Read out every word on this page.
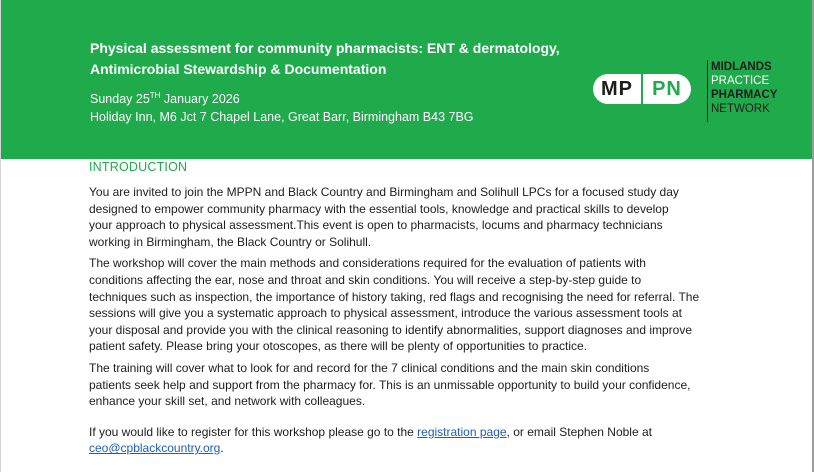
Physical assessment for community pharmacists: ENT & dermatology,
Antimicrobial Stewardship & Documentation
Sunday 25TH January 2026
Holiday Inn, M6 Jct 7 Chapel Lane, Great Barr, Birmingham B43 7BG
MP PN
MIDLANDS
PRACTICE
PHARMACY
NETWORK
INTRODUCTION
You are invited to join the MPPN and Black Country and Birmingham and Solihull LPCs for a focused study day
designed to empower community pharmacy with the essential tools, knowledge and practical skills to develop
your approach to physical assessment.This event is open to pharmacists, locums and pharmacy technicians
working in Birmingham, the Black Country or Solihull.
The workshop will cover the main methods and considerations required for the evaluation of patients with
conditions affecting the ear, nose and throat and skin conditions. You will receive a step-by-step guide to
techniques such as inspection, the importance of history taking, red flags and recognising the need for referral. The
sessions will give you a systematic approach to physical assessment, introduce the various assessment tools at
your disposal and provide you with the clinical reasoning to identify abnormalities, support diagnoses and improve
patient safety. Please bring your otoscopes, as there will be plenty of opportunities to practice.
The training will cover what to look for and record for the 7 clinical conditions and the main skin conditions
patients seek help and support from the pharmacy for. This is an unmissable opportunity to build your confidence,
enhance your skill set, and network with colleagues.
If you would like to register for this workshop please go to the registration page, or email Stephen Noble at
ceo@cpblackcountry.org.
